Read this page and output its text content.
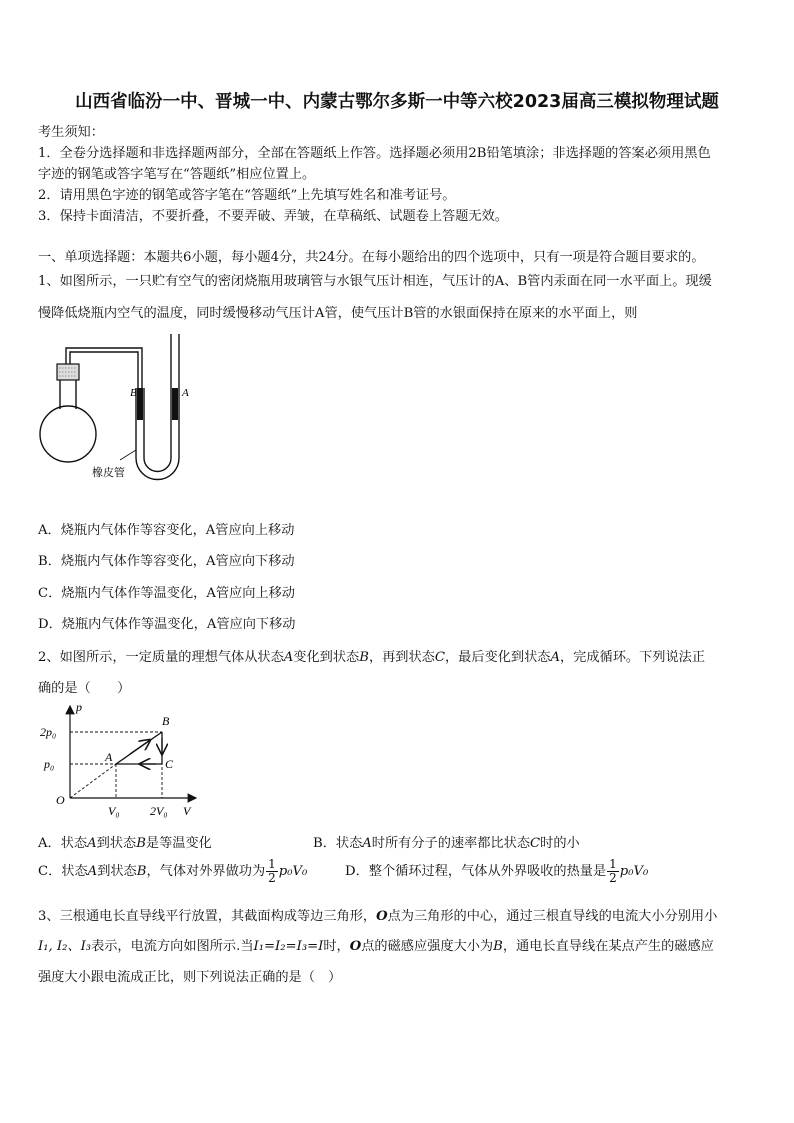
山西省临汾一中、晋城一中、内蒙古鄂尔多斯一中等六校2023届高三模拟物理试题
考生须知：
1．全卷分选择题和非选择题两部分，全部在答题纸上作答。选择题必须用2B铅笔填涂；非选择题的答案必须用黑色
字迹的钢笔或答字笔写在“答题纸”相应位置上。
2．请用黑色字迹的钢笔或答字笔在“答题纸”上先填写姓名和准考证号。
3．保持卡面清洁，不要折叠，不要弄破、弄皱，在草稿纸、试题卷上答题无效。
一、单项选择题：本题共6小题，每小题4分，共24分。在每小题给出的四个选项中，只有一项是符合题目要求的。
1、如图所示，一只贮有空气的密闭烧瓶用玻璃管与水银气压计相连，气压计的A、B管内汞面在同一水平面上。现缓
慢降低烧瓶内空气的温度，同时缓慢移动气压计A管，使气压计B管的水银面保持在原来的水平面上，则
B	A
橡皮管
A．烧瓶内气体作等容变化，A管应向上移动
B．烧瓶内气体作等容变化，A管应向下移动
C．烧瓶内气体作等温变化，A管应向上移动
D．烧瓶内气体作等温变化，A管应向下移动
2、如图所示，一定质量的理想气体从状态A变化到状态B，再到状态C，最后变化到状态A，完成循环。下列说法正
确的是（　　）
p
V
O
2p₀
p₀
V₀	2V₀
A
B
C
A．状态A到状态B是等温变化	B．状态A时所有分子的速率都比状态C时的小
C．状态A到状态B，气体对外界做功为 $\frac{1}{2} p_0V_0$	D．整个循环过程，气体从外界吸收的热量是 $\frac{1}{2} p_0V_0$
3、三根通电长直导线平行放置，其截面构成等边三角形，O点为三角形的中心，通过三根直导线的电流大小分别用小
I₁, I₂、I₃表示，电流方向如图所示.当I₁=I₂=I₃=I时，O点的磁感应强度大小为B，通电长直导线在某点产生的磁感应
强度大小跟电流成正比，则下列说法正确的是（　）
